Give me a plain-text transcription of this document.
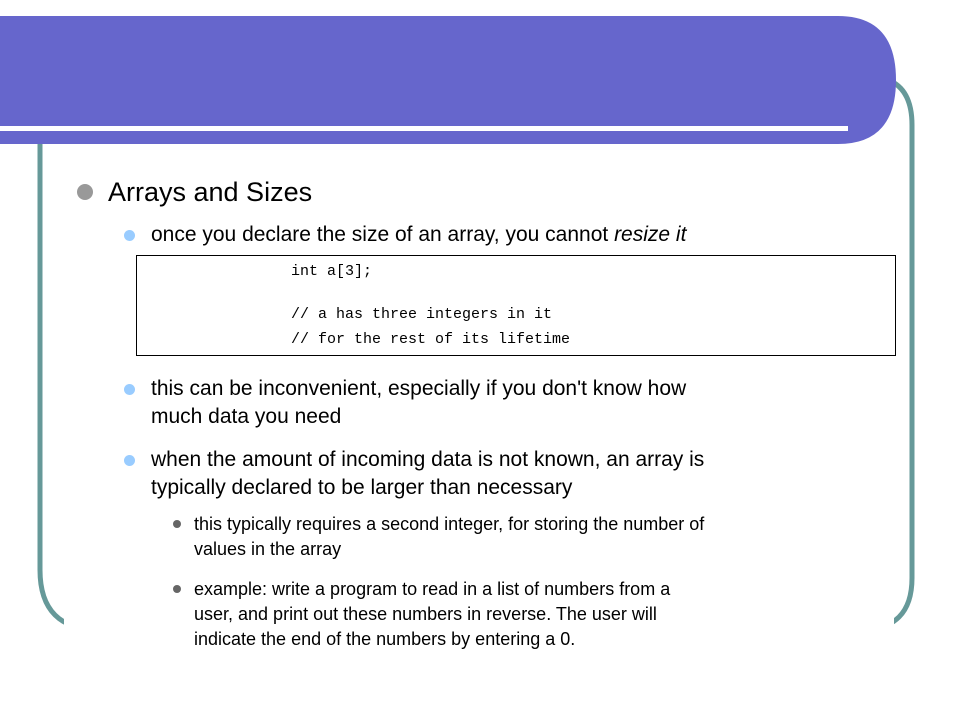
Arrays and Sizes
once you declare the size of an array, you cannot resize it
int a[3];
// a has three integers in it
// for the rest of its lifetime
this can be inconvenient, especially if you don't know how
much data you need
when the amount of incoming data is not known, an array is
typically declared to be larger than necessary
this typically requires a second integer, for storing the number of
values in the array
example: write a program to read in a list of numbers from a
user, and print out these numbers in reverse. The user will
indicate the end of the numbers by entering a 0.
